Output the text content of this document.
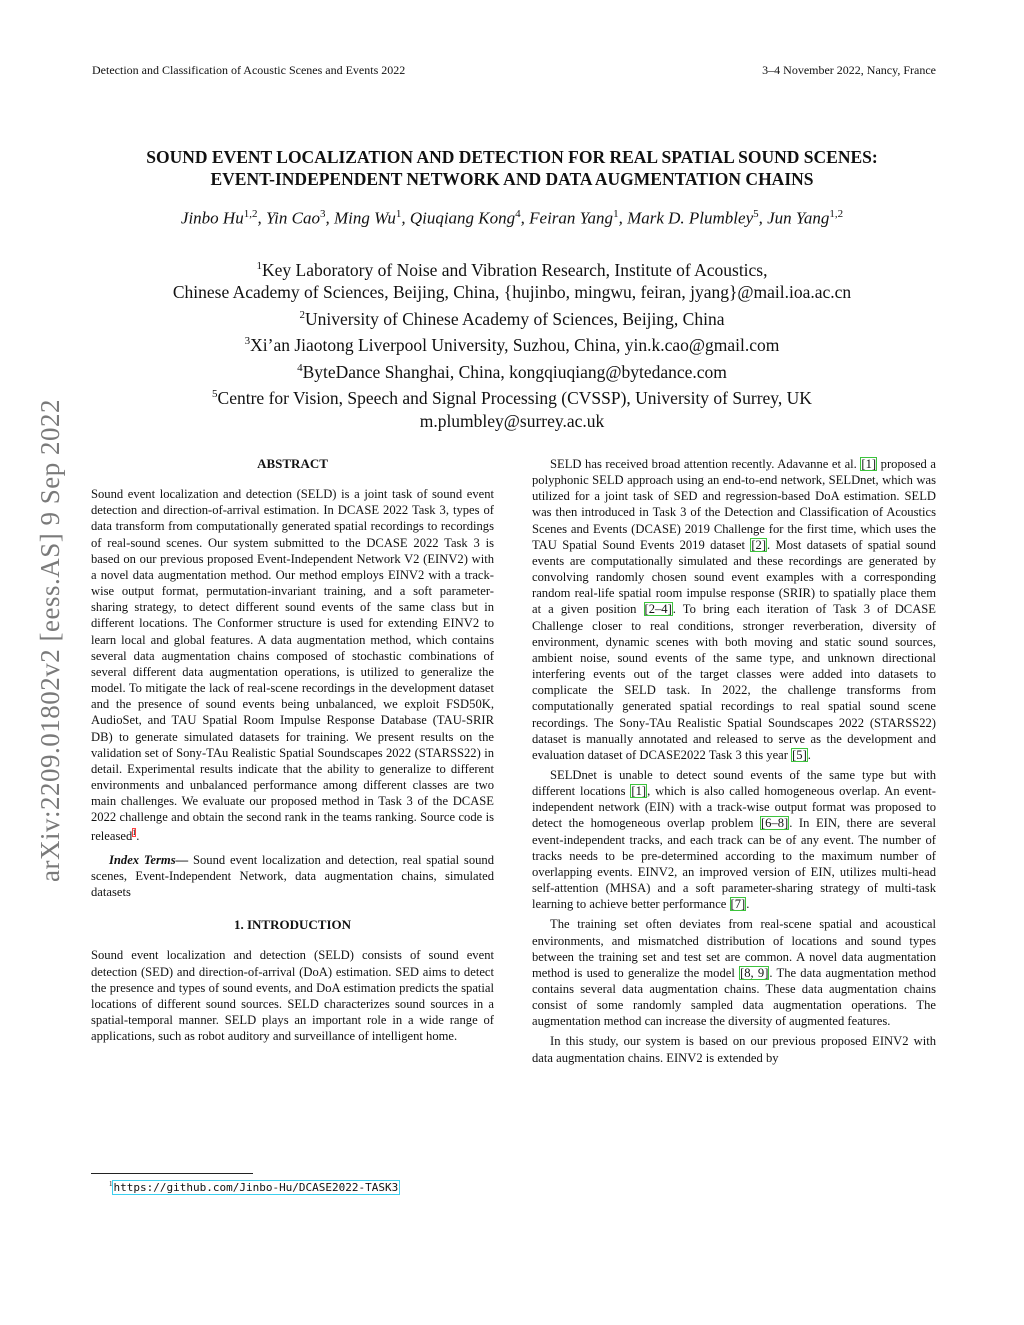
Detection and Classification of Acoustic Scenes and Events 2022	3–4 November 2022, Nancy, France
arXiv:2209.01802v2 [eess.AS] 9 Sep 2022
SOUND EVENT LOCALIZATION AND DETECTION FOR REAL SPATIAL SOUND SCENES:
EVENT-INDEPENDENT NETWORK AND DATA AUGMENTATION CHAINS
Jinbo Hu$^{1,2}$, Yin Cao$^3$, Ming Wu$^1$, Qiuqiang Kong$^4$, Feiran Yang$^1$, Mark D. Plumbley$^5$, Jun Yang$^{1,2}$
$^1$Key Laboratory of Noise and Vibration Research, Institute of Acoustics,
Chinese Academy of Sciences, Beijing, China, {hujinbo, mingwu, feiran, jyang}@mail.ioa.ac.cn
$^2$University of Chinese Academy of Sciences, Beijing, China
$^3$Xi’an Jiaotong Liverpool University, Suzhou, China, yin.k.cao@gmail.com
$^4$ByteDance Shanghai, China, kongqiuqiang@bytedance.com
$^5$Centre for Vision, Speech and Signal Processing (CVSSP), University of Surrey, UK
m.plumbley@surrey.ac.uk
ABSTRACT

Sound event localization and detection (SELD) is a joint task of sound event detection and direction-of-arrival estimation. In DCASE 2022 Task 3, types of data transform from computationally generated spatial recordings to recordings of real-sound scenes. Our system submitted to the DCASE 2022 Task 3 is based on our previous proposed Event-Independent Network V2 (EINV2) with a novel data augmentation method. Our method employs EINV2 with a track-wise output format, permutation-invariant training, and a soft parameter-sharing strategy, to detect different sound events of the same class but in different locations. The Conformer structure is used for extending EINV2 to learn local and global features. A data augmentation method, which contains several data augmentation chains composed of stochastic combinations of several different data augmentation operations, is utilized to generalize the model. To mitigate the lack of real-scene recordings in the development dataset and the presence of sound events being unbalanced, we exploit FSD50K, AudioSet, and TAU Spatial Room Impulse Response Database (TAU-SRIR DB) to generate simulated datasets for training. We present results on the validation set of Sony-TAu Realistic Spatial Soundscapes 2022 (STARSS22) in detail. Experimental results indicate that the ability to generalize to different environments and unbalanced performance among different classes are two main challenges. We evaluate our proposed method in Task 3 of the DCASE 2022 challenge and obtain the second rank in the teams ranking. Source code is released$^1$.

Index Terms— Sound event localization and detection, real spatial sound scenes, Event-Independent Network, data augmentation chains, simulated datasets

1. INTRODUCTION

Sound event localization and detection (SELD) consists of sound event detection (SED) and direction-of-arrival (DoA) estimation. SED aims to detect the presence and types of sound events, and DoA estimation predicts the spatial locations of different sound sources. SELD characterizes sound sources in a spatial-temporal manner. SELD plays an important role in a wide range of applications, such as robot auditory and surveillance of intelligent home.

$^1$https://github.com/Jinbo-Hu/DCASE2022-TASK3

SELD has received broad attention recently. Adavanne et al. [1] proposed a polyphonic SELD approach using an end-to-end network, SELDnet, which was utilized for a joint task of SED and regression-based DoA estimation. SELD was then introduced in Task 3 of the Detection and Classification of Acoustics Scenes and Events (DCASE) 2019 Challenge for the first time, which uses the TAU Spatial Sound Events 2019 dataset [2]. Most datasets of spatial sound events are computationally simulated and these recordings are generated by convolving randomly chosen sound event examples with a corresponding random real-life spatial room impulse response (SRIR) to spatially place them at a given position [2–4]. To bring each iteration of Task 3 of DCASE Challenge closer to real conditions, stronger reverberation, diversity of environment, dynamic scenes with both moving and static sound sources, ambient noise, sound events of the same type, and unknown directional interfering events out of the target classes were added into datasets to complicate the SELD task. In 2022, the challenge transforms from computationally generated spatial recordings to real spatial sound scene recordings. The Sony-TAu Realistic Spatial Soundscapes 2022 (STARSS22) dataset is manually annotated and released to serve as the development and evaluation dataset of DCASE2022 Task 3 this year [5].

SELDnet is unable to detect sound events of the same type but with different locations [1], which is also called homogeneous overlap. An event-independent network (EIN) with a track-wise output format was proposed to detect the homogeneous overlap problem [6–8]. In EIN, there are several event-independent tracks, and each track can be of any event. The number of tracks needs to be pre-determined according to the maximum number of overlapping events. EINV2, an improved version of EIN, utilizes multi-head self-attention (MHSA) and a soft parameter-sharing strategy of multi-task learning to achieve better performance [7].

The training set often deviates from real-scene spatial and acoustical environments, and mismatched distribution of locations and sound types between the training set and test set are common. A novel data augmentation method is used to generalize the model [8, 9]. The data augmentation method contains several data augmentation chains. These data augmentation chains consist of some randomly sampled data augmentation operations. The augmentation method can increase the diversity of augmented features.

In this study, our system is based on our previous proposed EINV2 with data augmentation chains. EINV2 is extended by
